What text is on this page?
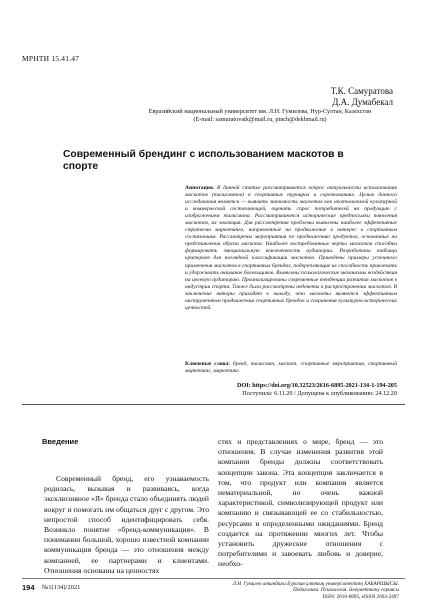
МРНТИ 15.41.47
Т.К. Самуратова
Д.А. Думабекал
Евразийский национальный университет им. Л.Н. Гумилева, Нур-Султан, Казахстан
(E-mail: samuratovatk@mail.ru, pinch@dekhmail.ru)
Современный брендинг с использованием маскотов в
спорте
Аннотация. В данной статье рассматривается вопрос актуальности использования маскотов (талисманов) в спортивных турнирах и соревнованиях. Целью данного исследования является — выявить значимость маскотов как неотъемлемой культурной и коммерческой составляющей, оценить спрос потребителей на продукцию с изображением талисмана. Рассматриваются исторические предпосылки появления маскотов, их эволюция. Для рассмотрения проблемы выявлены наиболее эффективные стратегии маркетинга, направленные на продвижение и интерес к спортивным состязаниям. Рассмотрены мероприятия по продвижению продуктов, основанные на представлении образа маскота. Наиболее востребованные черты маскотов способны формировать эмоциональную вовлеченность аудитории. Разработана таблица критериев для наглядной классификации маскотов. Приведены примеры успешного применения маскотов в спортивных брендах, подкрепляющие их способность привлекать и удерживать внимание болельщиков. Выявлены психологические механизмы воздействия на целевую аудиторию. Проанализированы современные тенденции развития маскотов в индустрии спорта. Также были рассмотрены недочеты в распространении маскотов. В заключение авторы приходят к выводу, что маскоты являются эффективным инструментом продвижения спортивных брендов и сохранения культурно-исторических ценностей.
Ключевые слова: бренд, талисман, маскот, спортивные мероприятия, спортивный маркетинг, маркетинг.
DOI: https://doi.org/10.32523/2616-6895-2021-134-1-194-205
Поступила: 6.11.20 / Допущена к опубликованию: 24.12.20
Введение
Современный бренд, его узнаваемость родилась, вызывая и развиваясь, когда эксклюзивное «Я» бренда стало объединять людей вокруг и помогать им общаться друг с другом. Это непростой способ идентифицировать себя. Возникло понятие «бренд-коммуникация». В понимании большой, хорошо известной компании коммуникация бренда — это отношения между компанией, ее партнерами и клиентами. Отношения основаны на ценностях
стях и представлениях о мире, бренд — это отношения. В случае изменения развития этой компании бренды должны соответствовать концепции закона. Эта концепция заключается в том, что продукт или компания является нематериальной, но очень важной характеристикой, символизирующей продукт или компанию и связывающей ее со стабильностью, ресурсами и определенными ожиданиями. Бренд создается на протяжении многих лет. Чтобы установить дружеские отношения с потребителями и завоевать любовь и доверие, необхо-
194 №1(134)/2021	Л.Н. Гумилев атындағы Еуразия ұлттық университетінің ХАБАРШЫСЫ.
Педагогика. Психология. Әлеуметтану сериясы
ISSN: 2616-6895, eISSN 2663-2497
